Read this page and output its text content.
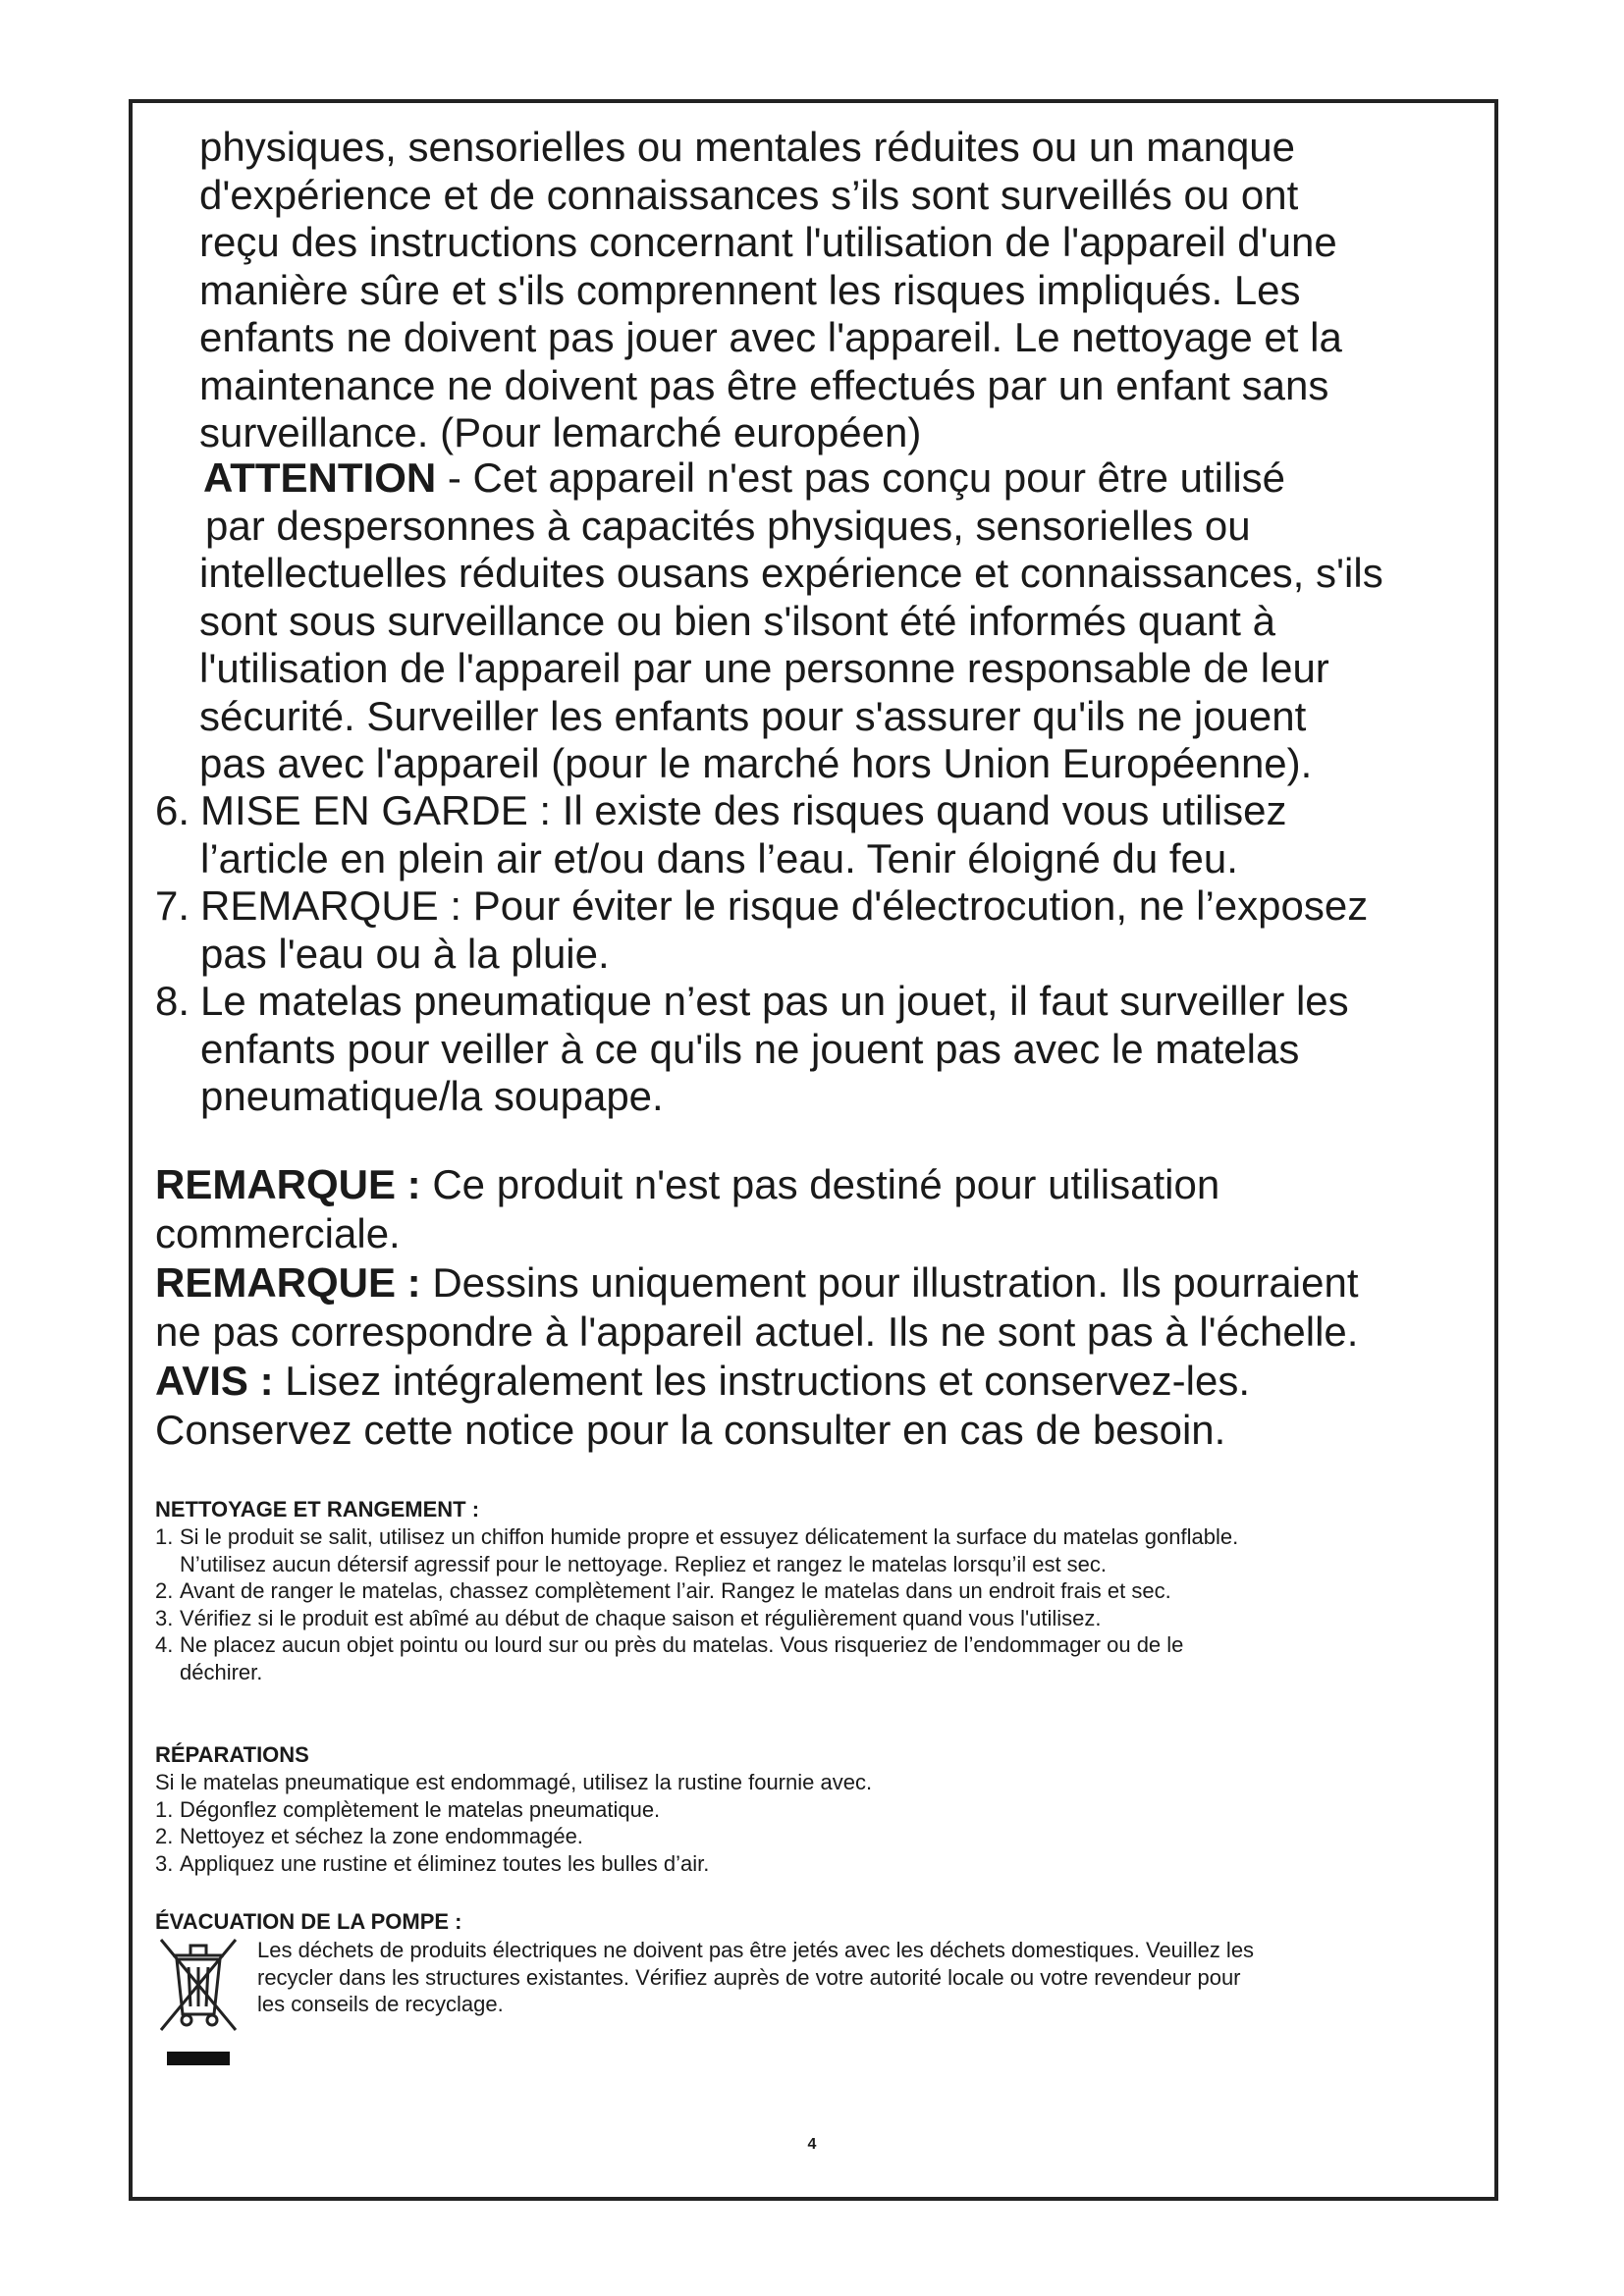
physiques, sensorielles ou mentales réduites ou un manque

d'expérience et de connaissances s’ils sont surveillés ou ont

reçu des instructions concernant l'utilisation de l'appareil d'une

manière sûre et s'ils comprennent les risques impliqués. Les

enfants ne doivent pas jouer avec l'appareil. Le nettoyage et la

maintenance ne doivent pas être effectués par un enfant sans

surveillance. (Pour lemarché européen)

ATTENTION - Cet appareil n'est pas conçu pour être utilisé

par despersonnes à capacités physiques, sensorielles ou

intellectuelles réduites ousans expérience et connaissances, s'ils

sont sous surveillance ou bien s'ilsont été informés quant à

l'utilisation de l'appareil par une personne responsable de leur

sécurité. Surveiller les enfants pour s'assurer qu'ils ne jouent

pas avec l'appareil (pour le marché hors Union Européenne).

6. MISE EN GARDE : Il existe des risques quand vous utilisez
l’article en plein air et/ou dans l’eau. Tenir éloigné du feu.
7. REMARQUE : Pour éviter le risque d'électrocution, ne l’exposez
pas l'eau ou à la pluie.
8. Le matelas pneumatique n’est pas un jouet, il faut surveiller les
enfants pour veiller à ce qu'ils ne jouent pas avec le matelas
pneumatique/la soupape.

REMARQUE : Ce produit n'est pas destiné pour utilisation

commerciale.

REMARQUE : Dessins uniquement pour illustration. Ils pourraient

ne pas correspondre à l'appareil actuel. Ils ne sont pas à l'échelle.

AVIS : Lisez intégralement les instructions et conservez-les.

Conservez cette notice pour la consulter en cas de besoin.

NETTOYAGE ET RANGEMENT :
1. Si le produit se salit, utilisez un chiffon humide propre et essuyez délicatement la surface du matelas gonflable.
N’utilisez aucun détersif agressif pour le nettoyage. Repliez et rangez le matelas lorsqu’il est sec.
2. Avant de ranger le matelas, chassez complètement l’air. Rangez le matelas dans un endroit frais et sec.
3. Vérifiez si le produit est abîmé au début de chaque saison et régulièrement quand vous l'utilisez.
4. Ne placez aucun objet pointu ou lourd sur ou près du matelas. Vous risqueriez de l’endommager ou de le
déchirer.
RÉPARATIONS

Si le matelas pneumatique est endommagé, utilisez la rustine fournie avec.

1. Dégonflez complètement le matelas pneumatique.
2. Nettoyez et séchez la zone endommagée.
3. Appliquez une rustine et éliminez toutes les bulles d’air.
ÉVACUATION DE LA POMPE :

Les déchets de produits électriques ne doivent pas être jetés avec les déchets domestiques. Veuillez les

recycler dans les structures existantes. Vérifiez auprès de votre autorité locale ou votre revendeur pour

les conseils de recyclage.

4
